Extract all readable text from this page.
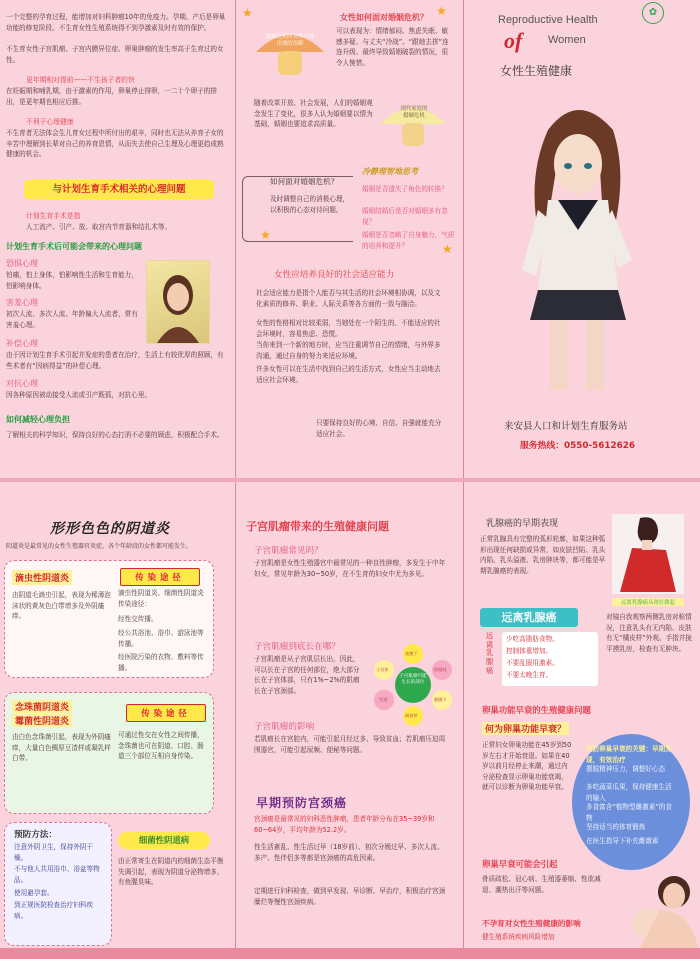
一个完整的孕育过程，能增加对妇科肿瘤10年的免疫力。孕期、产后是卵巢功能的修复阶段。不生育女性生殖系统得不到孕激素及时有效的保护。

不生育女性子宫肌瘤、子宫内膜异位症、卵巢肿瘤的发生率高于生育过的女性。

更年期相对提前——不生孩子者的快

在妊娠期和哺乳期，由于激素的作用，卵巢停止排卵，一二十个卵子的排出，是更年期也相应后推。

不利于心理健康

不生育者无法体会生儿育女过程中所付出的艰辛，同时也无法从养育子女的辛苦中理解到长辈对自己的养育恩情，从而失去使自己生理及心理更趋成熟健康的机会。

与计划生育手术相关的心理问题

计划生育手术是指

人工流产、引产、放、取宫内节育器和结扎术等。

计划生育手术后可能会带来的心理问题

恐惧心理

怕痛，怕上身体，怕影响性生活和生育能力，怕影响身体。

害羞心理

初次人流、多次人流、年龄偏大人流者，常有害羞心理。

补偿心理

由于因计划生育手术引起并发症的患者在治疗，生活上有较优厚的照顾，有些术者有“因病得益”的补偿心理。

对抗心理

因各种原因被动接受人流或引产既孤，对抗心里。

如何减轻心理负担

了解相关的科学知识，保持良好的心态打消不必要的顾虑，积极配合手术。

★	★
婚姻危机时女性可能出现的误解

女性如何面对婚姻危机？

可以表现为：情绪郁闷、焦虑失眠、敏感多疑、与丈夫“冷战”、“跟她去拼”连连升级、最终导致婚姻破裂的情况，很令人惋惜。

随着改革开放、社会发展，人们的婚姻观念发生了变化，很多人认为婚姻要以情为基础，婚姻也要追求高质量。

现代家庭的婚姻危机

如何面对婚姻危机？

及时调整自己的消极心理，以积极的心态对待问题。

冷静理智地思考

婚姻是否遗失了角色的转换？

婚姻结婚后是否对婚姻多有忽视？

婚姻是否忽略了自身魅力、气质的培养和提升？

★
★

女性应培养良好的社会适应能力

社会适应能力是指个人能否与其生活的社会环境相协调，以及文化素质的修养、职业、人际关系等各方面的一致与融洽。

女性的性格相对比较柔弱，当她处在一个陌生的、不能适应的社会环境时，容易焦虑、恐慌。

当你来到一个新的地方时，应当注重调节自己的情绪，与外界多沟通，通过自身的努力来适应环境。

许多女性可以在生活中找到自己的生活方式，女性应当主动地去适应社会环境。

只要保持良好的心境、自信、自强就能充分适应社会。

Reproductive Health

of Women

女性生殖健康

✿

来安县人口和计划生育服务站

服务热线：0550-5612626

形形色色的阴道炎

阴道炎是最常见的女性生殖器官炎症，各个年龄段的女性都可能发生。

滴虫性阴道炎	传染途径

由阴道毛滴虫引起，表现为稀薄泡沫状的黄灰色白带增多及外阴瘙痒。

滴虫性阴道炎、细菌性阴道炎传染途径：

经性交传播。

经公共浴池、浴巾、游泳池等传播。

经医院污染的衣物、敷料等传播。

念珠菌阴道炎

霉菌性阴道炎

传染途径

由白色念珠菌引起，表现为外阴瘙痒，大量白色稠厚豆渣样或凝乳样白带。

可通过性交在女性之间传播，念珠菌也可在阴道、口腔、肠道三个部位互相自身传染。

预防方法：

注意外阴卫生，保持外阴干燥。

不与他人共用浴巾、浴盆等物品。

使用避孕套。

到正规医院检查治疗妇科疾病。

细菌性阴道病

由正常寄生在阴道内的细菌生态平衡失调引起，表现为阴道分泌物增多，有鱼腥臭味。

子宫肌瘤带来的生殖健康问题

子宫肌瘤常见吗？

子宫肌瘤是女性生殖器官中最常见的一种良性肿瘤，多发生于中年妇女，常见年龄为30~50岁，在不生育的妇女中尤为多见。

子宫肌瘤到底长在哪？

子宫肌瘤是从子宫肌层长出，因此，可以长在子宫的任何部位，绝大部分长在子宫体部，只有1%~2%的肌瘤长在子宫颈部。

子宫肌瘤可能生长的部位
浆膜下
肌壁间
黏膜下
阔韧带
宫颈
子宫体

子宫肌瘤的影响

若肌瘤长在宫腔内，可能引起月经过多、导致贫血；若肌瘤压迫周围器官，可能引起尿频、便秘等问题。

早期预防宫颈癌

宫颈癌是最常见的妇科恶性肿瘤，患者年龄分布在35~39岁和60~64岁，平均年龄为52.2岁。

性生活紊乱、性生活过早（18岁前）、初次分娩过早、多次人流、多产、性伴侣多等都是宫颈癌的高危因素。

定期进行妇科检查，做到早发现、早诊断、早治疗，积极治疗宫颈糜烂等慢性宫颈疾病。

乳腺癌的早期表现

正常乳腺具有完整的弧形轮廓，如果这种弧形出现任何缺损或异常，如皮肤凹陷、乳头内陷、乳头溢液、乳房肿块等，都可能是早期乳腺癌的表现。

远离乳腺癌从现在做起

远离乳腺癌

远离乳腺癌

少吃高脂肪食物。

控制体重增加。

不要乱服用激素。

不要太晚生育。

对镜自我观察两侧乳房对称情况，注意乳头有无内陷、皮肤有无“橘皮样”外观。手指并拢平摸乳房，检查有无肿块。

卵巢功能早衰的生殖健康问题

何为卵巢功能早衰？

正常妇女卵巢功能在45岁到50岁左右才开始衰退。如果在40岁以前月经停止来潮，通过内分泌检查显示卵巢功能衰竭，就可以诊断为卵巢功能早衰。

预防卵巢早衰的关键：早期发现，有效治疗

摆脱精神压力，调整好心态

多吃蔬菜瓜果，保持健康生活的输入

多食富含“植物型雌激素”的食物

坚持适当的体育锻炼

在医生指导下补充雌激素

卵巢早衰可能会引起

骨质疏松、冠心病、生殖器萎缩、性欲减退、潮热出汗等问题。

不孕育对女性生殖健康的影响

健生殖系统疾病风险增加
